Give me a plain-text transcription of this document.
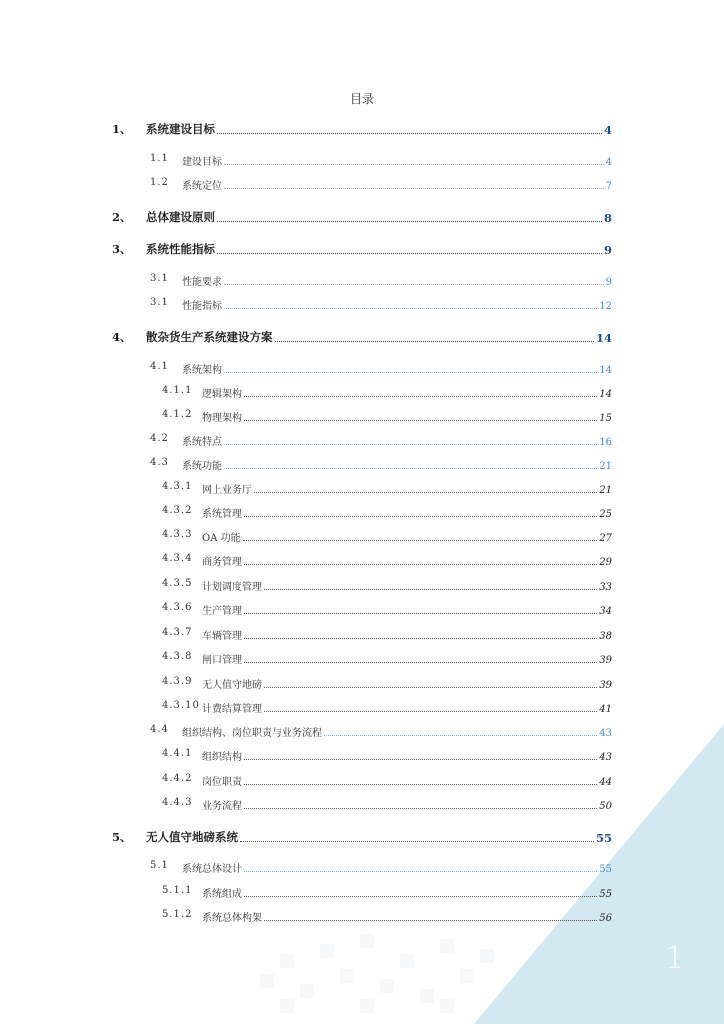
目录
1、 系统建设目标	4
1.1 建设目标	4
1.2 系统定位	7
2、 总体建设原则	8
3、 系统性能指标	9
3.1 性能要求	9
3.1 性能指标	12
4、 散杂货生产系统建设方案	14
4.1 系统架构	14
4.1.1 逻辑架构	14
4.1.2 物理架构	15
4.2 系统特点	16
4.3 系统功能	21
4.3.1 网上业务厅	21
4.3.2 系统管理	25
4.3.3 OA 功能	27
4.3.4 商务管理	29
4.3.5 计划调度管理	33
4.3.6 生产管理	34
4.3.7 车辆管理	38
4.3.8 闸口管理	39
4.3.9 无人值守地磅	39
4.3.10 计费结算管理	41
4.4 组织结构、岗位职责与业务流程	43
4.4.1 组织结构	43
4.4.2 岗位职责	44
4.4.3 业务流程	50
5、 无人值守地磅系统	55
5.1 系统总体设计	55
5.1.1 系统组成	55
5.1.2 系统总体构架	56
1
